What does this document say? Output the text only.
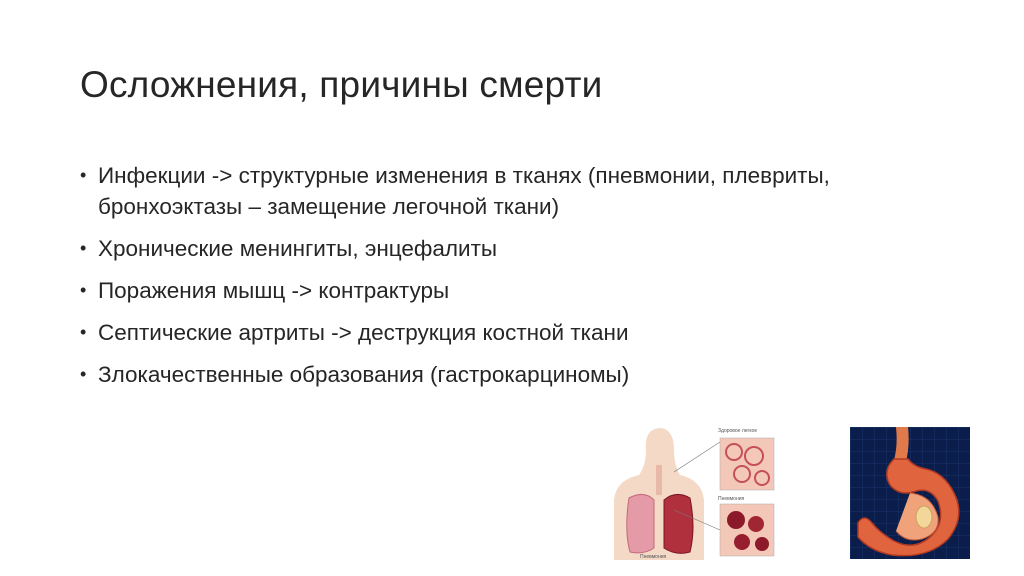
Осложнения, причины смерти
• Инфекции -> структурные изменения в тканях (пневмонии, плевриты, бронхоэктазы – замещение легочной ткани)
• Хронические менингиты, энцефалиты
• Поражения мышц -> контрактуры
• Септические артриты -> деструкция костной ткани
• Злокачественные образования (гастрокарциномы)
Здоровое легкое
Пневмония
Пневмония
